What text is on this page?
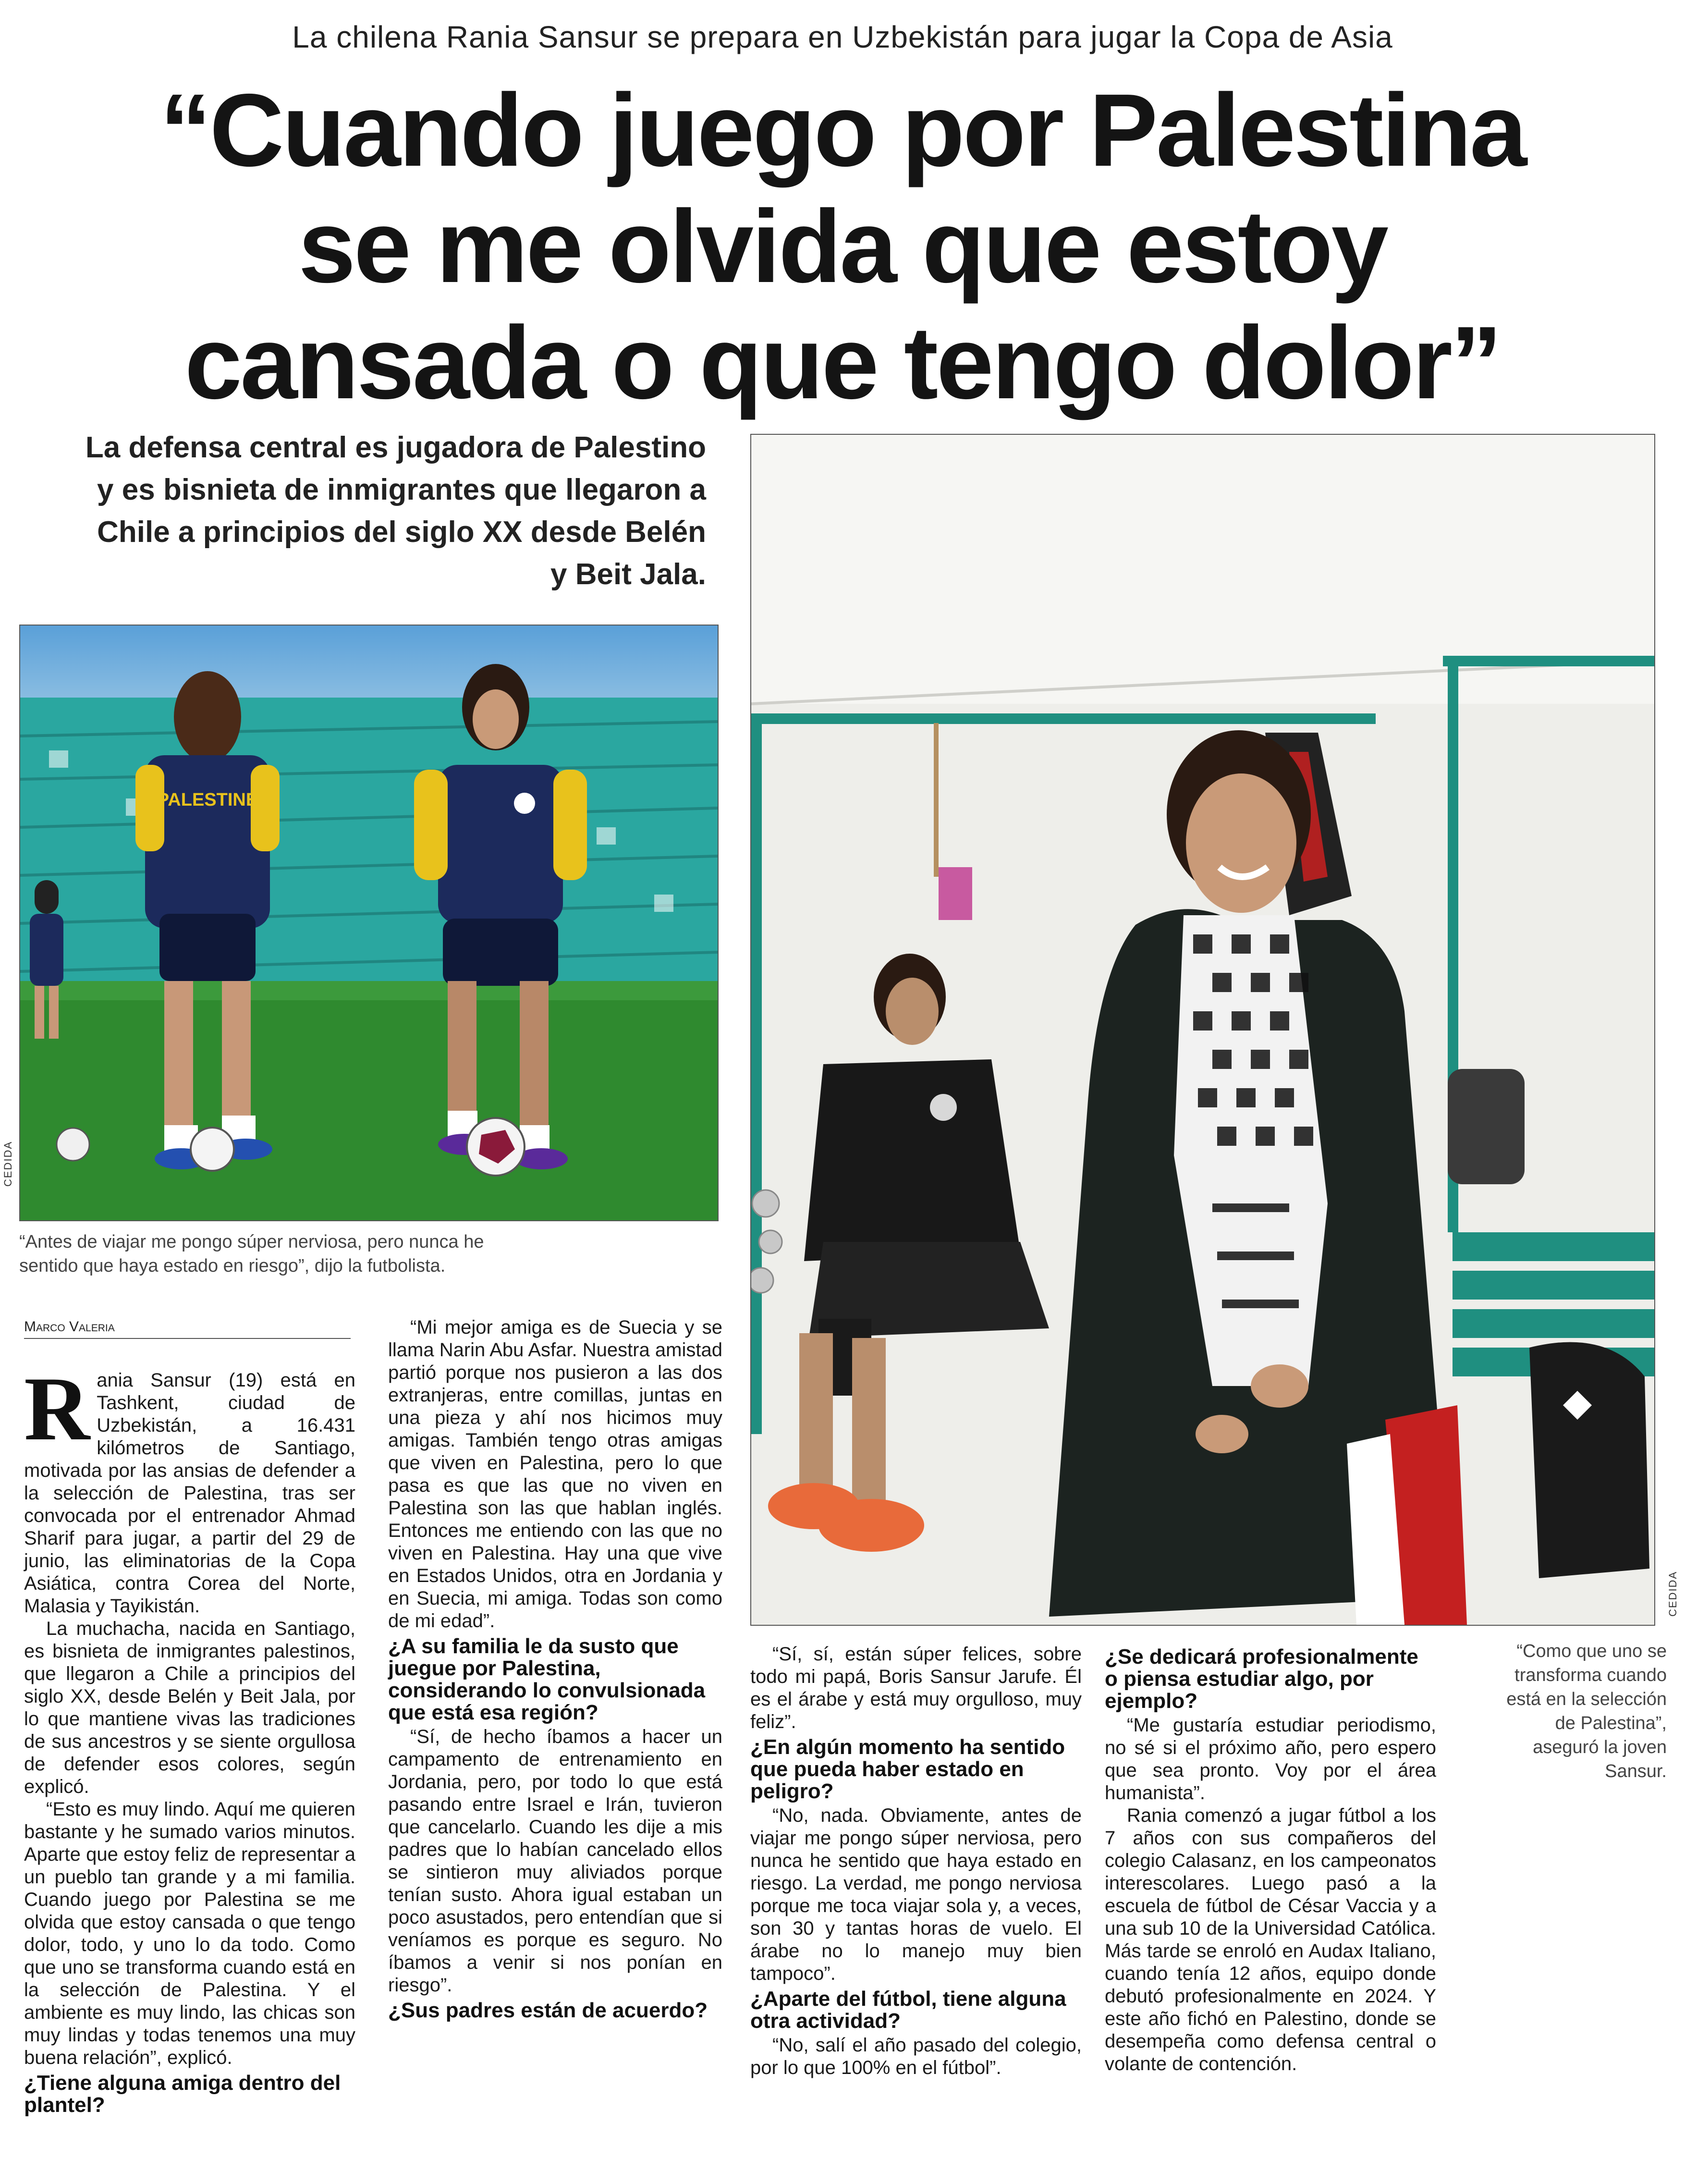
La chilena Rania Sansur se prepara en Uzbekistán para jugar la Copa de Asia
“Cuando juego por Palestina se me olvida que estoy cansada o que tengo dolor”
La defensa central es jugadora de Palestino y es bisnieta de inmigrantes que llegaron a Chile a principios del siglo XX desde Belén y Beit Jala.
PALESTINE
CEDIDA
“Antes de viajar me pongo súper nerviosa, pero nunca he sentido que haya estado en riesgo”, dijo la futbolista.
CEDIDA
“Como que uno se transforma cuando está en la selección de Palestina”, aseguró la joven Sansur.
Marco Valeria

Rania Sansur (19) está en Tashkent, ciudad de Uzbekistán, a 16.431 kilómetros de Santiago, motivada por las ansias de defender a la selección de Palestina, tras ser convocada por el entrenador Ahmad Sharif para jugar, a partir del 29 de junio, las eliminatorias de la Copa Asiática, contra Corea del Norte, Malasia y Tayikistán.

La muchacha, nacida en Santiago, es bisnieta de inmigrantes palestinos, que llegaron a Chile a principios del siglo XX, desde Belén y Beit Jala, por lo que mantiene vivas las tradiciones de sus ancestros y se siente orgullosa de defender esos colores, según explicó.

“Esto es muy lindo. Aquí me quieren bastante y he sumado varios minutos. Aparte que estoy feliz de representar a un pueblo tan grande y a mi familia. Cuando juego por Palestina se me olvida que estoy cansada o que tengo dolor, todo, y uno lo da todo. Como que uno se transforma cuando está en la selección de Palestina. Y el ambiente es muy lindo, las chicas son muy lindas y todas tenemos una muy buena relación”, explicó.

¿Tiene alguna amiga dentro del plantel?

“Mi mejor amiga es de Suecia y se llama Narin Abu Asfar. Nuestra amistad partió porque nos pusieron a las dos extranjeras, entre comillas, juntas en una pieza y ahí nos hicimos muy amigas. También tengo otras amigas que viven en Palestina, pero lo que pasa es que las que no viven en Palestina son las que hablan inglés. Entonces me entiendo con las que no viven en Palestina. Hay una que vive en Estados Unidos, otra en Jordania y en Suecia, mi amiga. Todas son como de mi edad”.

¿A su familia le da susto que juegue por Palestina, considerando lo convulsionada que está esa región?

“Sí, de hecho íbamos a hacer un campamento de entrenamiento en Jordania, pero, por todo lo que está pasando entre Israel e Irán, tuvieron que cancelarlo. Cuando les dije a mis padres que lo habían cancelado ellos se sintieron muy aliviados porque tenían susto. Ahora igual estaban un poco asustados, pero entendían que si veníamos es porque es seguro. No íbamos a venir si nos ponían en riesgo”.

¿Sus padres están de acuerdo?

“Sí, sí, están súper felices, sobre todo mi papá, Boris Sansur Jarufe. Él es el árabe y está muy orgulloso, muy feliz”.

¿En algún momento ha sentido que pueda haber estado en peligro?

“No, nada. Obviamente, antes de viajar me pongo súper nerviosa, pero nunca he sentido que haya estado en riesgo. La verdad, me pongo nerviosa porque me toca viajar sola y, a veces, son 30 y tantas horas de vuelo. El árabe no lo manejo muy bien tampoco”.

¿Aparte del fútbol, tiene alguna otra actividad?

“No, salí el año pasado del colegio, por lo que 100% en el fútbol”.

¿Se dedicará profesionalmente o piensa estudiar algo, por ejemplo?

“Me gustaría estudiar periodismo, no sé si el próximo año, pero espero que sea pronto. Voy por el área humanista”.

Rania comenzó a jugar fútbol a los 7 años con sus compañeros del colegio Calasanz, en los campeonatos interescolares. Luego pasó a la escuela de fútbol de César Vaccia y a una sub 10 de la Universidad Católica. Más tarde se enroló en Audax Italiano, cuando tenía 12 años, equipo donde debutó profesionalmente en 2024. Y este año fichó en Palestino, donde se desempeña como defensa central o volante de contención.
